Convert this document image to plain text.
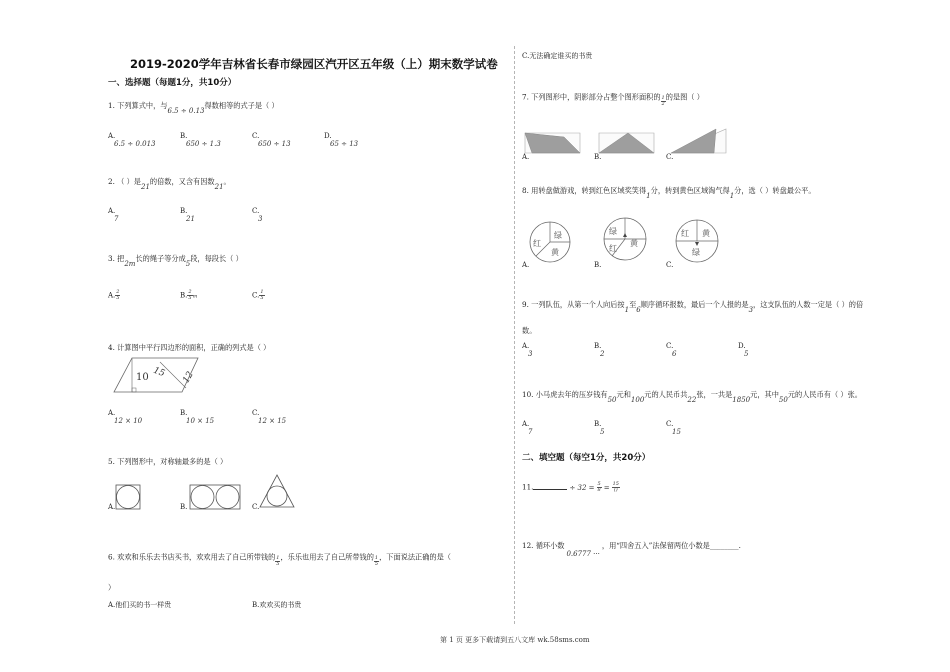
2019-2020学年吉林省长春市绿园区汽开区五年级（上）期末数学试卷
一、选择题（每题1分，共10分）
1. 下列算式中，与6.5 ÷ 0.13得数相等的式子是（ ）
A.
6.5 ÷ 0.013
B.
650 ÷ 1.3
C.
650 ÷ 13
D.
65 ÷ 13
2. （ ）是21的倍数，又含有因数21。
A.
7
B.
21
C.
3
3. 把2m长的绳子等分成5段，每段长（ ）
A. $\frac{2}{5}$	B. $\frac{2}{5}$ m	C. $\frac{1}{5}$
4. 计算图中平行四边形的面积，正确的列式是（ ）
10 15 12
A.
12 × 10
B.
10 × 15
C.
12 × 15
5. 下列图形中，对称轴最多的是（ ）
A.	B.	C.
6. 欢欢和乐乐去书店买书，欢欢用去了自己所带钱的 $\frac{1}{5}$ ，乐乐也用去了自己所带钱的 $\frac{1}{5}$ ，下面说法正确的是（
）
A.他们买的书一样贵	B.欢欢买的书贵
C.无法确定谁买的书贵
7. 下列图形中，阴影部分占整个图形面积的 $\frac{1}{2}$ 的是图（ ）
A.	B.	C.
8. 用转盘做游戏，转到红色区域奖笑得1分，转到黄色区域淘气得1分，选（ ）转盘最公平。
绿
红
黄
A.
绿
红
黄
B.
红 黄
绿
C.
9. 一列队伍，从第一个人向后按1至6顺序循环报数，最后一个人报的是3，这支队伍的人数一定是（ ）的倍
数。
A.
3
B.
2
C.
6
D.
5
10. 小马虎去年的压岁钱有50元和100元的人民币共22张，一共是1850元，其中50元的人民币有（ ）张。
A.
7
B.
5
C.
15
二、填空题（每空1分，共20分）
11.	÷ $32 = \frac{5}{8} = \frac{15}{()}$
12. 循环小数0.6777 ···，用“四舍五入”法保留两位小数是________.
第 1 页 更多下载请到五八文库 wk.58sms.com
